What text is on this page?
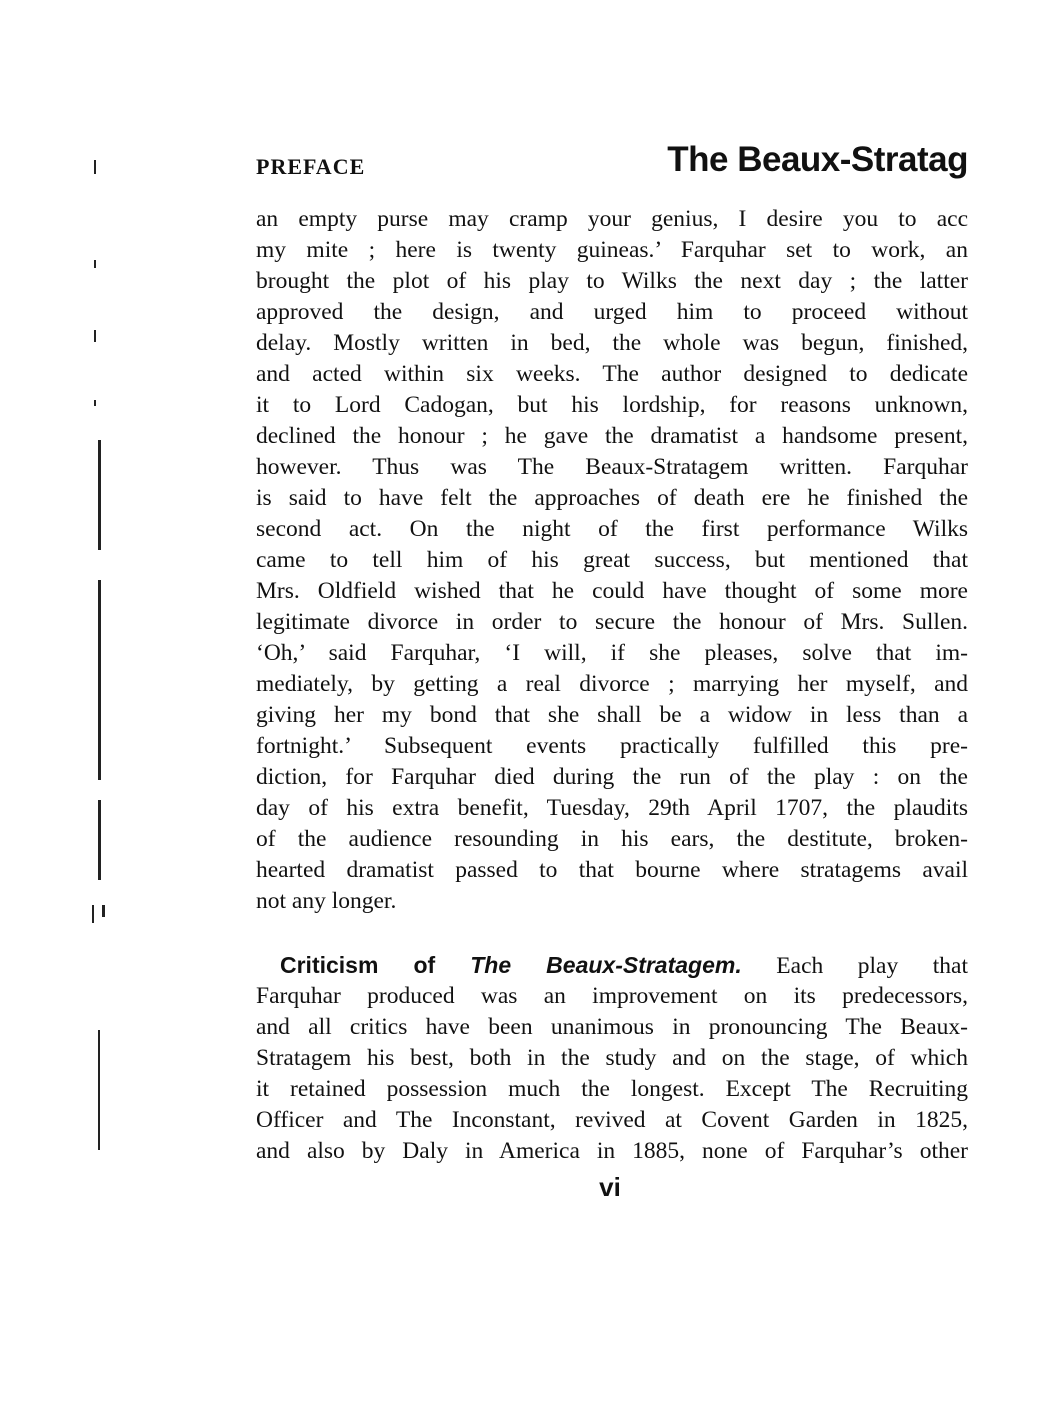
PREFACE	The Beaux-Stratag
an empty purse may cramp your genius, I desire you to acc
my mite ; here is twenty guineas.’ Farquhar set to work, an
brought the plot of his play to Wilks the next day ; the latter
approved the design, and urged him to proceed without
delay. Mostly written in bed, the whole was begun, finished,
and acted within six weeks. The author designed to dedicate
it to Lord Cadogan, but his lordship, for reasons unknown,
declined the honour ; he gave the dramatist a handsome present,
however. Thus was The Beaux-Stratagem written. Farquhar
is said to have felt the approaches of death ere he finished the
second act. On the night of the first performance Wilks
came to tell him of his great success, but mentioned that
Mrs. Oldfield wished that he could have thought of some more
legitimate divorce in order to secure the honour of Mrs. Sullen.
‘Oh,’ said Farquhar, ‘I will, if she pleases, solve that im-
mediately, by getting a real divorce ; marrying her myself, and
giving her my bond that she shall be a widow in less than a
fortnight.’ Subsequent events practically fulfilled this pre-
diction, for Farquhar died during the run of the play : on the
day of his extra benefit, Tuesday, 29th April 1707, the plaudits
of the audience resounding in his ears, the destitute, broken-
hearted dramatist passed to that bourne where stratagems avail
not any longer.
Criticism of The Beaux-Stratagem. Each play that
Farquhar produced was an improvement on its predecessors,
and all critics have been unanimous in pronouncing The Beaux-
Stratagem his best, both in the study and on the stage, of which
it retained possession much the longest. Except The Recruiting
Officer and The Inconstant, revived at Covent Garden in 1825,
and also by Daly in America in 1885, none of Farquhar’s other
vi
